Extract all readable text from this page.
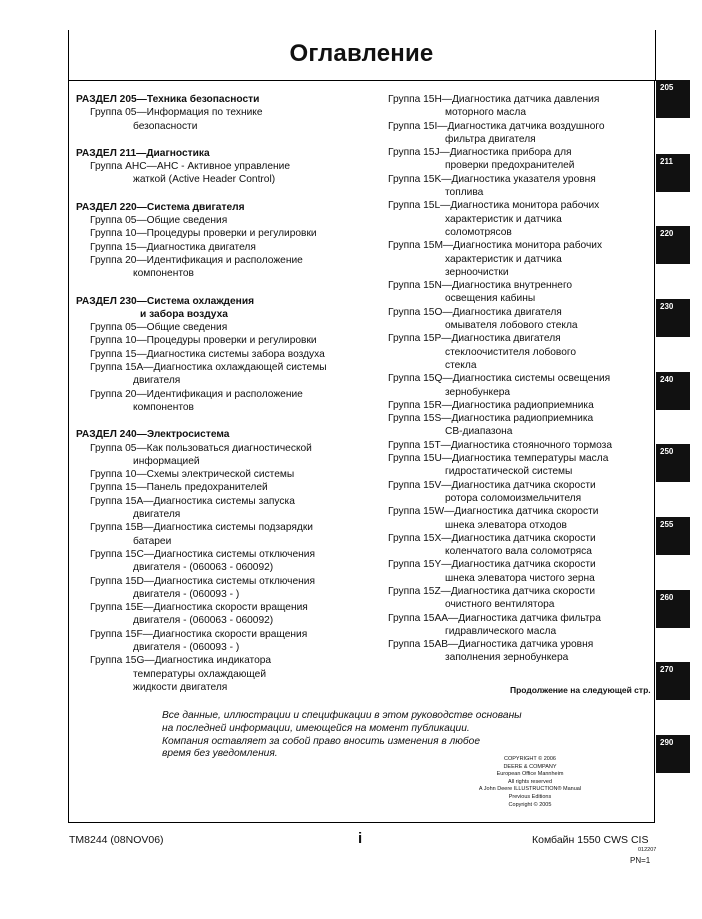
Оглавление
РАЗДЕЛ 205—Техника безопасности
Группа 05— Информация по технике
безопасности
РАЗДЕЛ 211—Диагностика
Группа AHC— AHC - Активное управление
жаткой (Active Header Control)
РАЗДЕЛ 220—Система двигателя
Группа 05— Общие сведения
Группа 10— Процедуры проверки и регулировки
Группа 15— Диагностика двигателя
Группа 20— Идентификация и расположение
компонентов
РАЗДЕЛ 230—Система охлаждения
и забора воздуха
Группа 05— Общие сведения
Группа 10— Процедуры проверки и регулировки
Группа 15— Диагностика системы забора воздуха
Группа 15A— Диагностика охлаждающей системы
двигателя
Группа 20— Идентификация и расположение
компонентов
РАЗДЕЛ 240—Электросистема
Группа 05— Как пользоваться диагностической
информацией
Группа 10— Схемы электрической системы
Группа 15— Панель предохранителей
Группа 15A— Диагностика системы запуска
двигателя
Группа 15B— Диагностика системы подзарядки
батареи
Группа 15C— Диагностика системы отключения
двигателя - (060063 - 060092)
Группа 15D— Диагностика системы отключения
двигателя - (060093 - )
Группа 15E— Диагностика скорости вращения
двигателя - (060063 - 060092)
Группа 15F— Диагностика скорости вращения
двигателя - (060093 - )
Группа 15G— Диагностика индикатора
температуры охлаждающей
жидкости двигателя
Группа 15H— Диагностика датчика давления
моторного масла
Группа 15I— Диагностика датчика воздушного
фильтра двигателя
Группа 15J— Диагностика прибора для
проверки предохранителей
Группа 15K— Диагностика указателя уровня
топлива
Группа 15L— Диагностика монитора рабочих
характеристик и датчика
соломотрясов
Группа 15M— Диагностика монитора рабочих
характеристик и датчика
зерноочистки
Группа 15N— Диагностика внутреннего
освещения кабины
Группа 15O— Диагностика двигателя
омывателя лобового стекла
Группа 15P— Диагностика двигателя
стеклоочистителя лобового
стекла
Группа 15Q— Диагностика системы освещения
зернобункера
Группа 15R— Диагностика радиоприемника
Группа 15S— Диагностика радиоприемника
CB-диапазона
Группа 15T— Диагностика стояночного тормоза
Группа 15U— Диагностика температуры масла
гидростатической системы
Группа 15V— Диагностика датчика скорости
ротора соломоизмельчителя
Группа 15W— Диагностика датчика скорости
шнека элеватора отходов
Группа 15X— Диагностика датчика скорости
коленчатого вала соломотряса
Группа 15Y— Диагностика датчика скорости
шнека элеватора чистого зерна
Группа 15Z— Диагностика датчика скорости
очистного вентилятора
Группа 15AA— Диагностика датчика фильтра
гидравлического масла
Группа 15AB— Диагностика датчика уровня
заполнения зернобункера
Продолжение на следующей стр.
Все данные, иллюстрации и спецификации в этом руководстве основаны
на последней информации, имеющейся на момент публикации.
Компания оставляет за собой право вносить изменения в любое
время без уведомления.	COPYRIGHT © 2006
DEERE & COMPANY
European Office Mannheim
All rights reserved
A John Deere ILLUSTRUCTION® Manual
Previous Editions
Copyright © 2005
205
211
220
230
240
250
255
260
270
290
TM8244 (08NOV06)	i	Комбайн 1550 CWS CIS
012207
PN=1
